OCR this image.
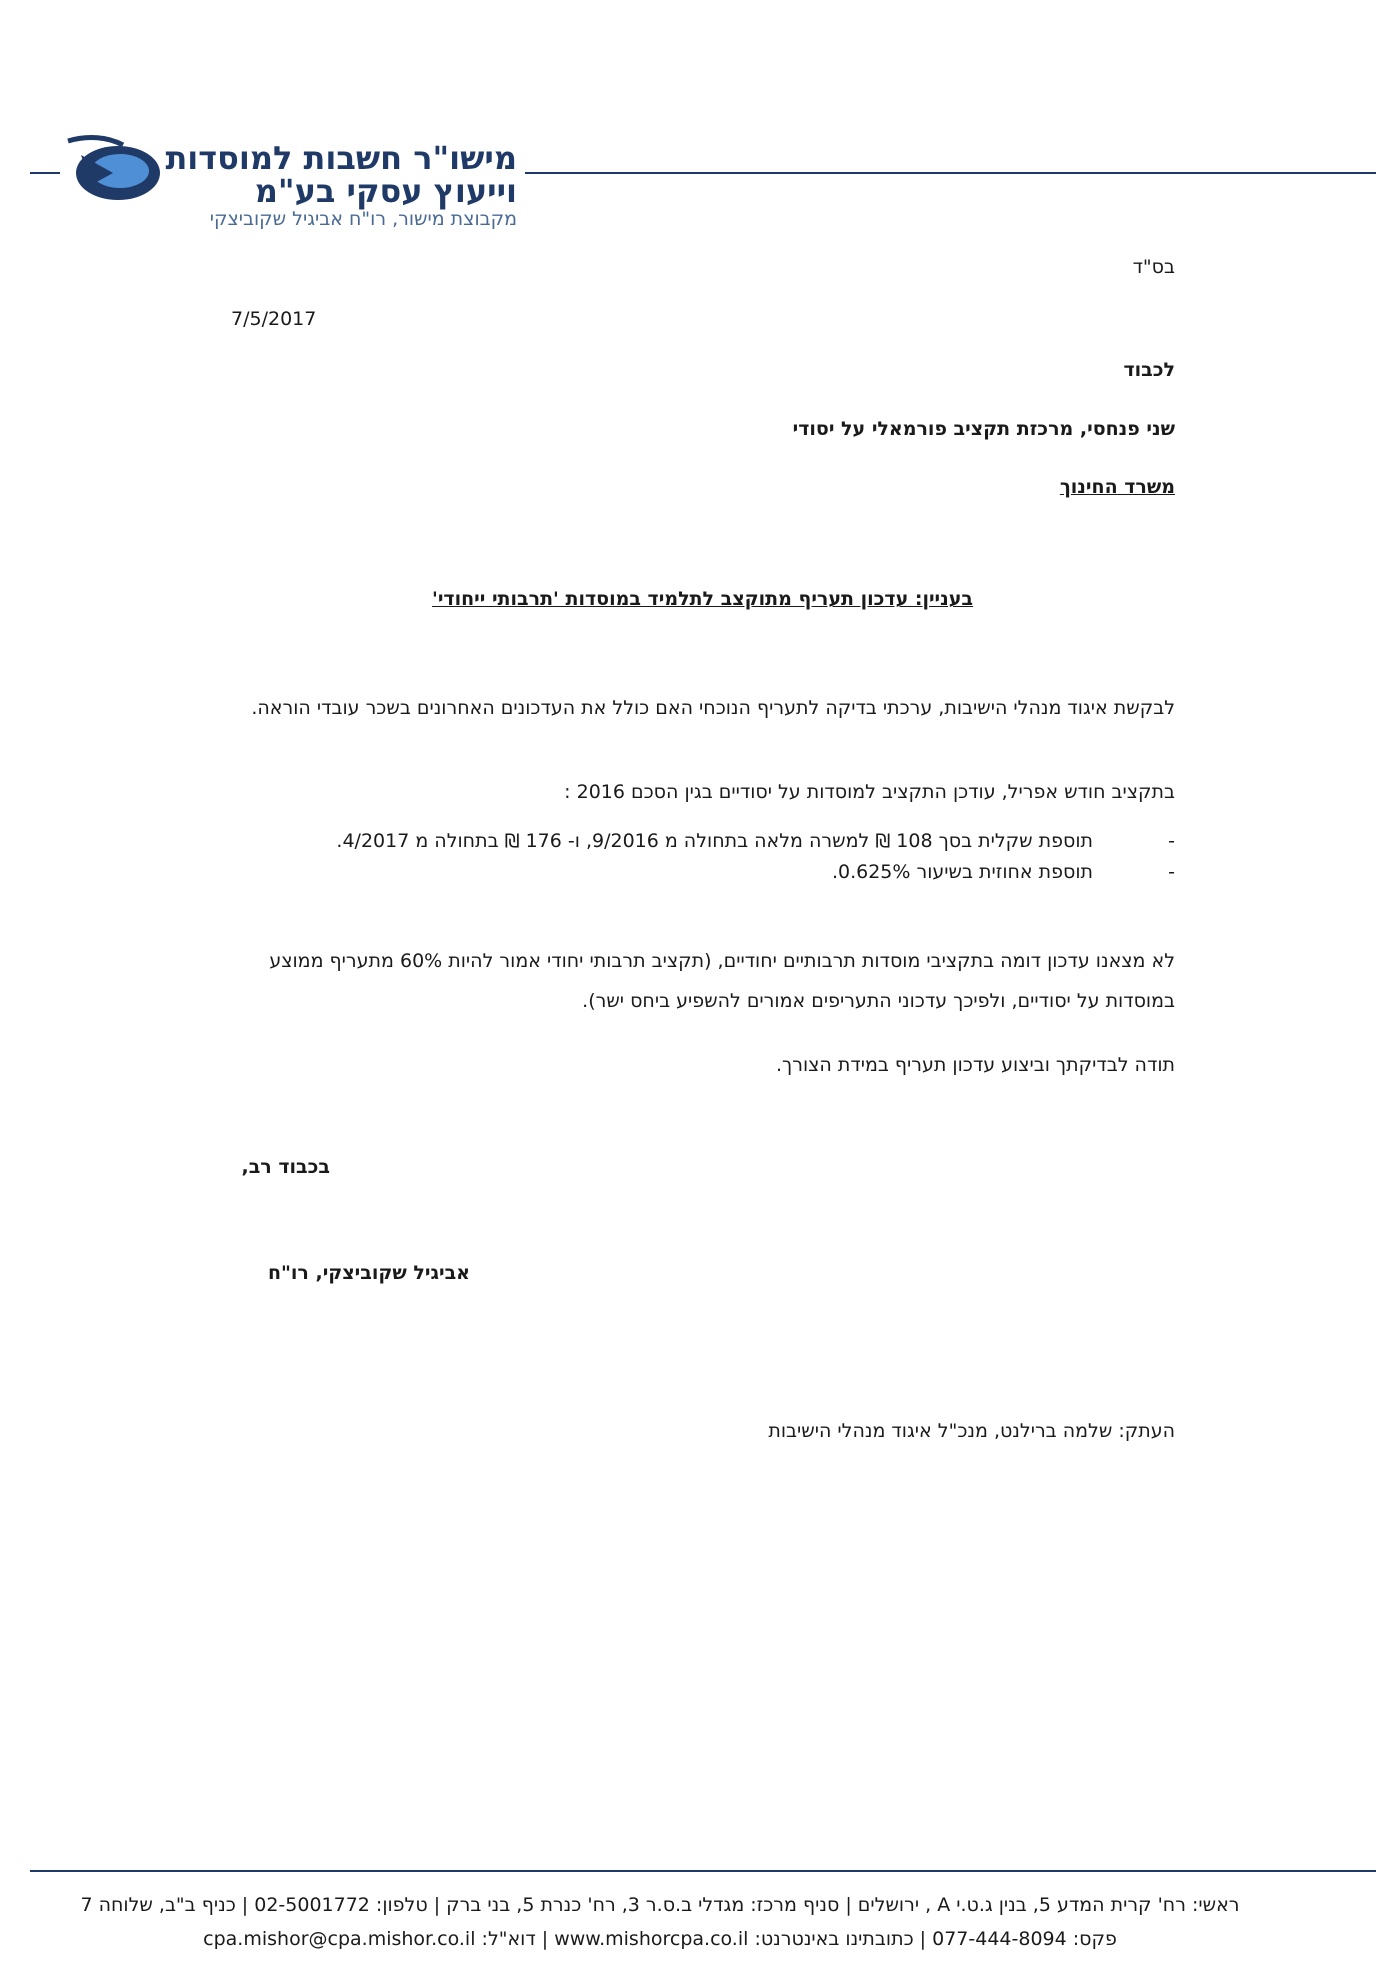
מישו"ר חשבות למוסדות
וייעוץ עסקי בע"מ
מקבוצת מישור, רו"ח אביגיל שקוביצקי
בס"ד
7/5/2017
לכבוד
שני פנחסי, מרכזת תקציב פורמאלי על יסודי
משרד החינוך
בעניין: עדכון תעריף מתוקצב לתלמיד במוסדות 'תרבותי ייחודי'
לבקשת איגוד מנהלי הישיבות, ערכתי בדיקה לתעריף הנוכחי האם כולל את העדכונים האחרונים בשכר עובדי הוראה.
בתקציב חודש אפריל, עודכן התקציב למוסדות על יסודיים בגין הסכם 2016 :
- תוספת שקלית בסך 108 ₪ למשרה מלאה בתחולה מ 9/2016, ו- 176 ₪ בתחולה מ 4/2017.
- תוספת אחוזית בשיעור 0.625%.
לא מצאנו עדכון דומה בתקציבי מוסדות תרבותיים יחודיים, (תקציב תרבותי יחודי אמור להיות 60% מתעריף ממוצע במוסדות על יסודיים, ולפיכך עדכוני התעריפים אמורים להשפיע ביחס ישר).
תודה לבדיקתך וביצוע עדכון תעריף במידת הצורך.
בכבוד רב,
אביגיל שקוביצקי, רו"ח
העתק: שלמה ברילנט, מנכ"ל איגוד מנהלי הישיבות
ראשי: רח' קרית המדע 5, בנין ג.ט.י A , ירושלים | סניף מרכז: מגדלי ב.ס.ר 3, רח' כנרת 5, בני ברק | טלפון: 02-5001772 | כניף ב"ב, שלוחה 7
פקס: 077-444-8094 | כתובתינו באינטרנט: www.mishorcpa.co.il | דוא"ל: cpa.mishor@cpa.mishor.co.il
